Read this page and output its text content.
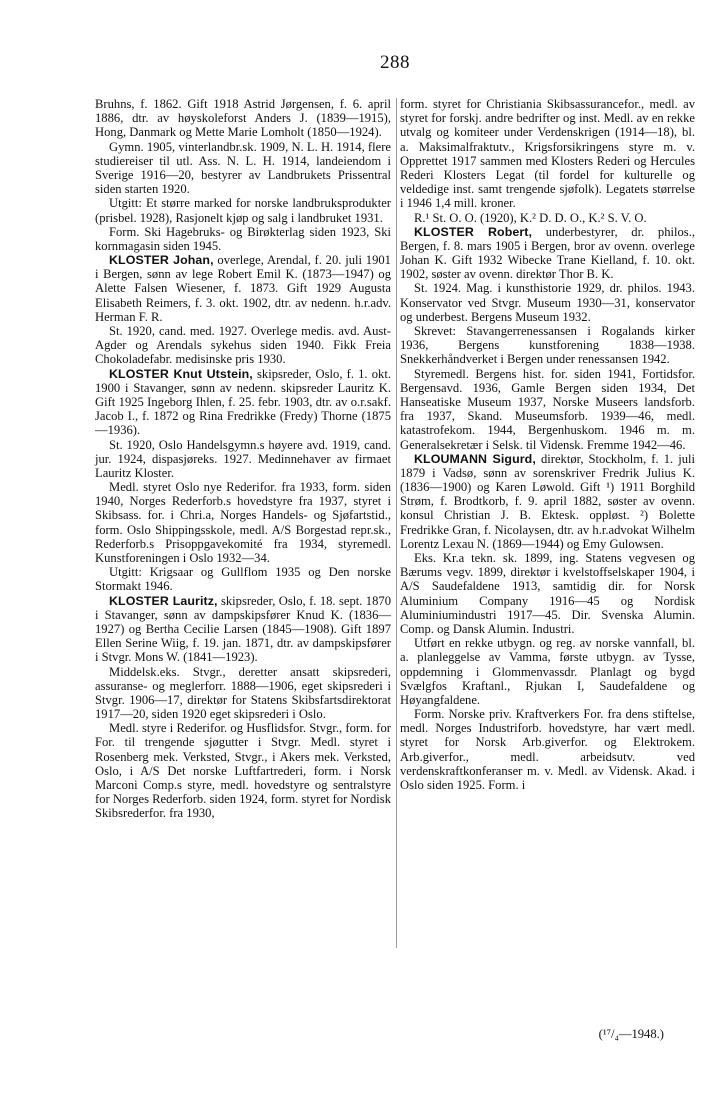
288

Bruhns, f. 1862. Gift 1918 Astrid Jørgensen, f. 6. april 1886, dtr. av høyskoleforst Anders J. (1839—1915), Hong, Danmark og Mette Marie Lomholt (1850—1924).

Gymn. 1905, vinterlandbr.sk. 1909, N. L. H. 1914, flere studiereiser til utl. Ass. N. L. H. 1914, landeiendom i Sverige 1916—20, bestyrer av Landbrukets Prissentral siden starten 1920.

Utgitt: Et større marked for norske landbruksprodukter (prisbel. 1928), Rasjonelt kjøp og salg i landbruket 1931.

Form. Ski Hagebruks- og Birøkterlag siden 1923, Ski kornmagasin siden 1945.

KLOSTER Johan, overlege, Arendal, f. 20. juli 1901 i Bergen, sønn av lege Robert Emil K. (1873—1947) og Alette Falsen Wiesener, f. 1873. Gift 1929 Augusta Elisabeth Reimers, f. 3. okt. 1902, dtr. av nedenn. h.r.adv. Herman F. R.

St. 1920, cand. med. 1927. Overlege medis. avd. Aust-Agder og Arendals sykehus siden 1940. Fikk Freia Chokoladefabr. medisinske pris 1930.

KLOSTER Knut Utstein, skipsreder, Oslo, f. 1. okt. 1900 i Stavanger, sønn av nedenn. skipsreder Lauritz K. Gift 1925 Ingeborg Ihlen, f. 25. febr. 1903, dtr. av o.r.sakf. Jacob I., f. 1872 og Rina Fredrikke (Fredy) Thorne (1875—1936).

St. 1920, Oslo Handelsgymn.s høyere avd. 1919, cand. jur. 1924, dispasjøreks. 1927. Medinnehaver av firmaet Lauritz Kloster.

Medl. styret Oslo nye Rederifor. fra 1933, form. siden 1940, Norges Rederforb.s hovedstyre fra 1937, styret i Skibsass. for. i Chri.a, Norges Handels- og Sjøfartstid., form. Oslo Shippingsskole, medl. A/S Borgestad repr.sk., Rederforb.s Prisoppgavekomité fra 1934, styremedl. Kunstforeningen i Oslo 1932—34.

Utgitt: Krigsaar og Gullflom 1935 og Den norske Stormakt 1946.

KLOSTER Lauritz, skipsreder, Oslo, f. 18. sept. 1870 i Stavanger, sønn av dampskipsfører Knud K. (1836—1927) og Bertha Cecilie Larsen (1845—1908). Gift 1897 Ellen Serine Wiig, f. 19. jan. 1871, dtr. av dampskipsfører i Stvgr. Mons W. (1841—1923).

Middelsk.eks. Stvgr., deretter ansatt skipsrederi, assuranse- og meglerforr. 1888—1906, eget skipsrederi i Stvgr. 1906—17, direktør for Statens Skibsfartsdirektorat 1917—20, siden 1920 eget skipsrederi i Oslo.

Medl. styre i Rederifor. og Husflidsfor. Stvgr., form. for For. til trengende sjøgutter i Stvgr. Medl. styret i Rosenberg mek. Verksted, Stvgr., i Akers mek. Verksted, Oslo, i A/S Det norske Luftfartrederi, form. i Norsk Marconi Comp.s styre, medl. hovedstyre og sentralstyre for Norges Rederforb. siden 1924, form. styret for Nordisk Skibsrederfor. fra 1930,

form. styret for Christiania Skibsassurancefor., medl. av styret for forskj. andre bedrifter og inst. Medl. av en rekke utvalg og komiteer under Verdenskrigen (1914—18), bl. a. Maksimalfraktutv., Krigsforsikringens styre m. v. Opprettet 1917 sammen med Klosters Rederi og Hercules Rederi Klosters Legat (til fordel for kulturelle og veldedige inst. samt trengende sjøfolk). Legatets størrelse i 1946 1,4 mill. kroner.

R.¹ St. O. O. (1920), K.² D. D. O., K.² S. V. O.

KLOSTER Robert, underbestyrer, dr. philos., Bergen, f. 8. mars 1905 i Bergen, bror av ovenn. overlege Johan K. Gift 1932 Wibecke Trane Kielland, f. 10. okt. 1902, søster av ovenn. direktør Thor B. K.

St. 1924. Mag. i kunsthistorie 1929, dr. philos. 1943. Konservator ved Stvgr. Museum 1930—31, konservator og underbest. Bergens Museum 1932.

Skrevet: Stavangerrenessansen i Rogalands kirker 1936, Bergens kunstforening 1838—1938. Snekkerhåndverket i Bergen under renessansen 1942.

Styremedl. Bergens hist. for. siden 1941, Fortidsfor. Bergensavd. 1936, Gamle Bergen siden 1934, Det Hanseatiske Museum 1937, Norske Museers landsforb. fra 1937, Skand. Museumsforb. 1939—46, medl. katastrofekom. 1944, Bergenhuskom. 1946 m. m. Generalsekretær i Selsk. til Vidensk. Fremme 1942—46.

KLOUMANN Sigurd, direktør, Stockholm, f. 1. juli 1879 i Vadsø, sønn av sorenskriver Fredrik Julius K. (1836—1900) og Karen Løwold. Gift ¹) 1911 Borghild Strøm, f. Brodtkorb, f. 9. april 1882, søster av ovenn. konsul Christian J. B. Ektesk. oppløst. ²) Bolette Fredrikke Gran, f. Nicolaysen, dtr. av h.r.advokat Wilhelm Lorentz Lexau N. (1869—1944) og Emy Gulowsen.

Eks. Kr.a tekn. sk. 1899, ing. Statens vegvesen og Bærums vegv. 1899, direktør i kvelstoffselskaper 1904, i A/S Saudefaldene 1913, samtidig dir. for Norsk Aluminium Company 1916—45 og Nordisk Aluminiumindustri 1917—45. Dir. Svenska Alumin. Comp. og Dansk Alumin. Industri.

Utført en rekke utbygn. og reg. av norske vannfall, bl. a. planleggelse av Vamma, første utbygn. av Tysse, oppdemning i Glommenvassdr. Planlagt og bygd Svælgfos Kraftanl., Rjukan I, Saudefaldene og Høyangfaldene.

Form. Norske priv. Kraftverkers For. fra dens stiftelse, medl. Norges Industriforb. hovedstyre, har vært medl. styret for Norsk Arb.giverfor. og Elektrokem. Arb.giverfor., medl. arbeidsutv. ved verdenskraftkonferanser m. v. Medl. av Vidensk. Akad. i Oslo siden 1925. Form. i

(¹⁷/₄—1948.)
